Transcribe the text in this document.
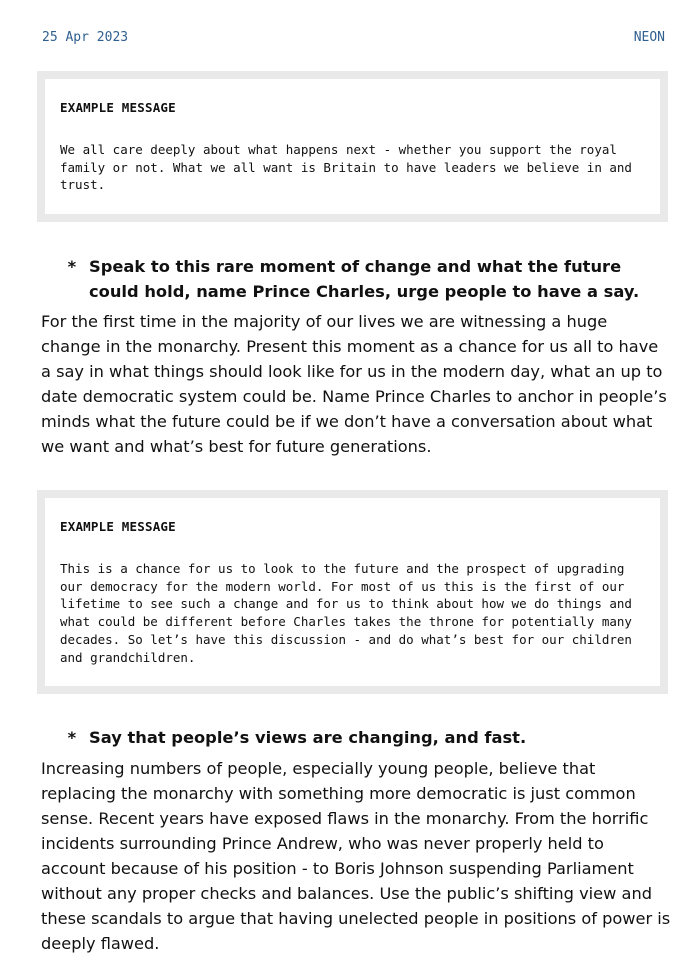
25 Apr 2023	NEON

EXAMPLE MESSAGE

We all care deeply about what happens next - whether you support the royal family or not. What we all want is Britain to have leaders we believe in and trust.

* Speak to this rare moment of change and what the future could hold, name Prince Charles, urge people to have a say.
For the first time in the majority of our lives we are witnessing a huge change in the monarchy. Present this moment as a chance for us all to have a say in what things should look like for us in the modern day, what an up to date democratic system could be. Name Prince Charles to anchor in people’s minds what the future could be if we don’t have a conversation about what we want and what’s best for future generations.

EXAMPLE MESSAGE

This is a chance for us to look to the future and the prospect of upgrading our democracy for the modern world. For most of us this is the first of our lifetime to see such a change and for us to think about how we do things and what could be different before Charles takes the throne for potentially many decades. So let’s have this discussion - and do what’s best for our children and grandchildren.

* Say that people’s views are changing, and fast.
Increasing numbers of people, especially young people, believe that replacing the monarchy with something more democratic is just common sense. Recent years have exposed flaws in the monarchy. From the horrific incidents surrounding Prince Andrew, who was never properly held to account because of his position - to Boris Johnson suspending Parliament without any proper checks and balances. Use the public’s shifting view and these scandals to argue that having unelected people in positions of power is deeply flawed.
